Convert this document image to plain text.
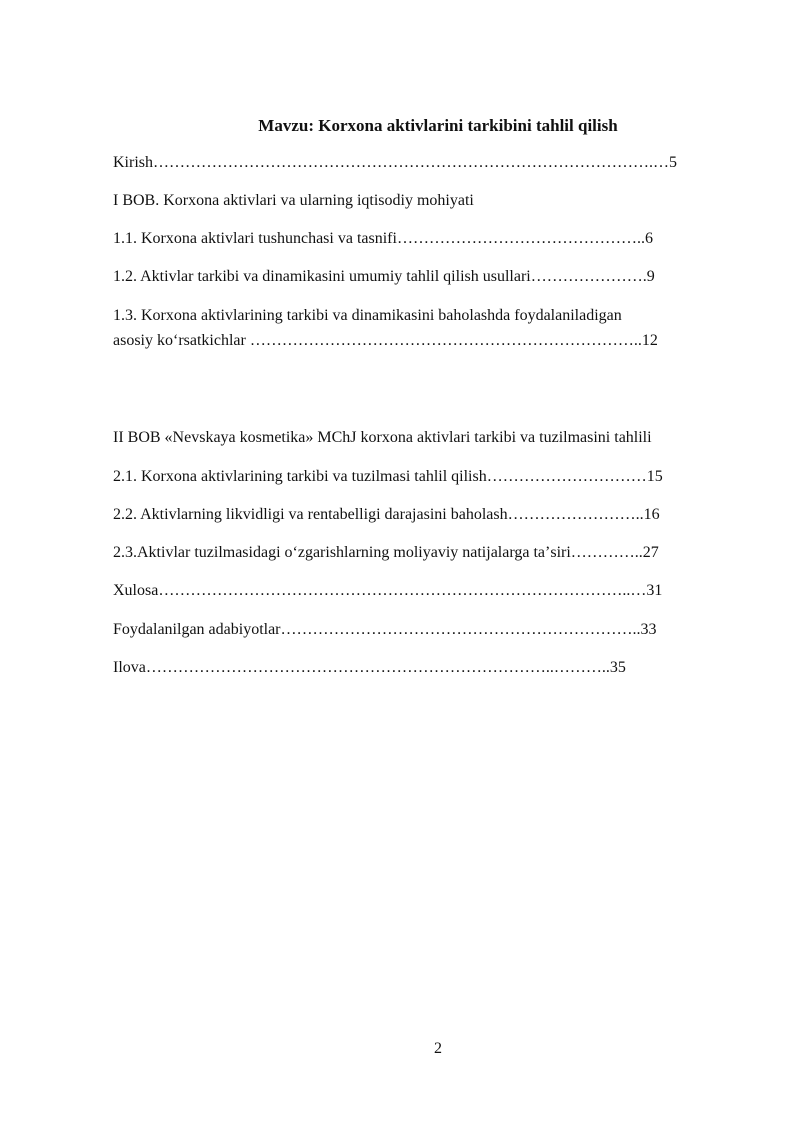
Mavzu: Korxona aktivlarini tarkibini tahlil qilish
Kirish………………………………………………………………………………….…5
I BOB. Korxona aktivlari va ularning iqtisodiy mohiyati
1.1. Korxona aktivlari tushunchasi va tasnifi………………………………………..6
1.2. Aktivlar tarkibi va dinamikasini umumiy tahlil qilish usullari………………….9
1.3. Korxona aktivlarining tarkibi va dinamikasini baholashda foydalaniladigan
asosiy koʻrsatkichlar ………………………………………………………………..12
II BOB «Nevskaya kosmetika» MChJ korxona aktivlari tarkibi va tuzilmasini tahlili
2.1. Korxona aktivlarining tarkibi va tuzilmasi tahlil qilish…………………………15
2.2. Aktivlarning likvidligi va rentabelligi darajasini baholash……………………..16
2.3.Aktivlar tuzilmasidagi oʻzgarishlarning moliyaviy natijalarga taʼsiri…………..27
Xulosa……………………………………………………………………………..…31
Foydalanilgan adabiyotlar…………………………………………………………..33
Ilova…………………………………………………………………..………..35
2
